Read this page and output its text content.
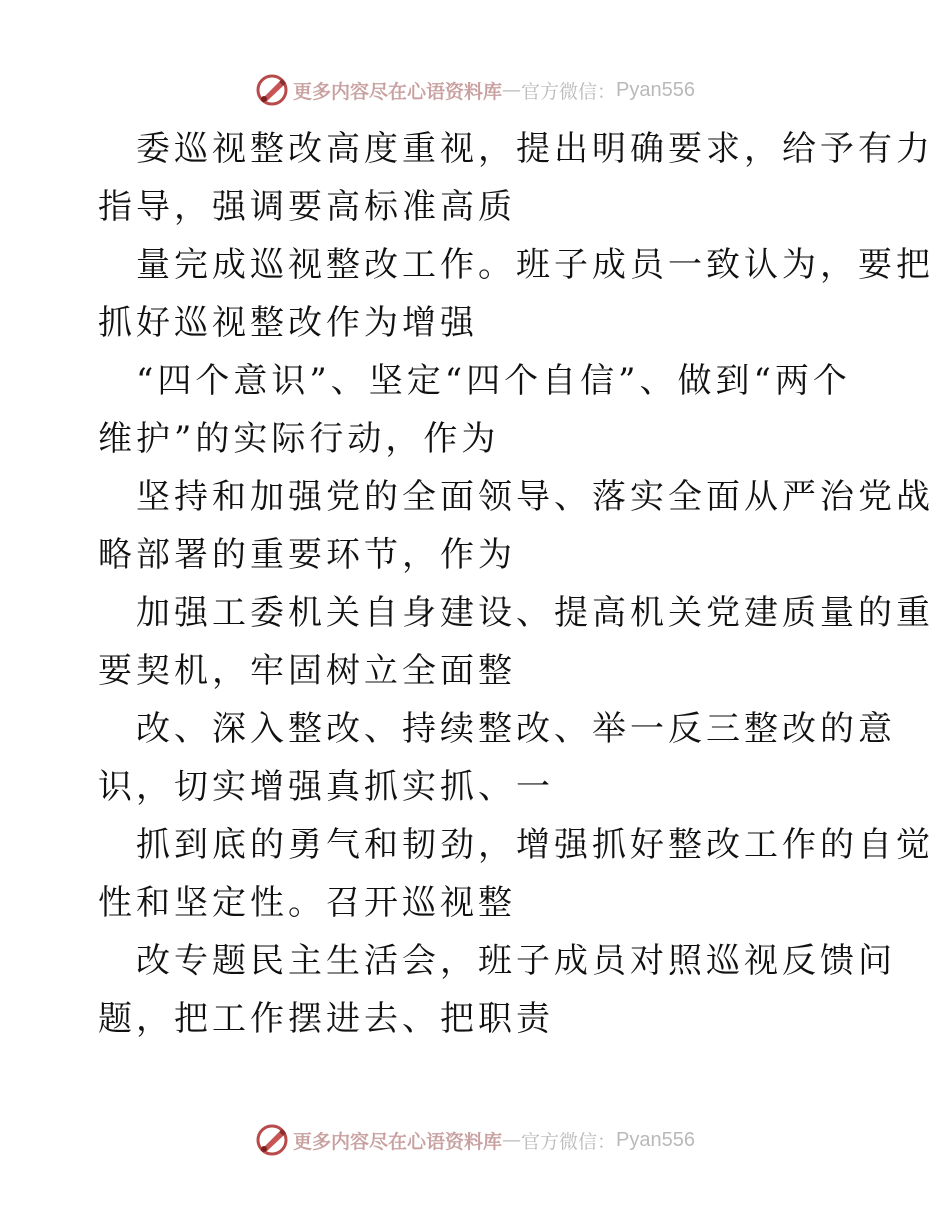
更多内容尽在心语资料库 — 官方微信： Pyan556
委巡视整改高度重视，提出明确要求，给予有力
指导，强调要高标准高质
量完成巡视整改工作。班子成员一致认为，要把
抓好巡视整改作为增强
“四个意识”、坚定“四个自信”、做到“两个
维护”的实际行动，作为
坚持和加强党的全面领导、落实全面从严治党战
略部署的重要环节，作为
加强工委机关自身建设、提高机关党建质量的重
要契机，牢固树立全面整
改、深入整改、持续整改、举一反三整改的意
识，切实增强真抓实抓、一
抓到底的勇气和韧劲，增强抓好整改工作的自觉
性和坚定性。召开巡视整
改专题民主生活会，班子成员对照巡视反馈问
题，把工作摆进去、把职责
更多内容尽在心语资料库 — 官方微信： Pyan556
